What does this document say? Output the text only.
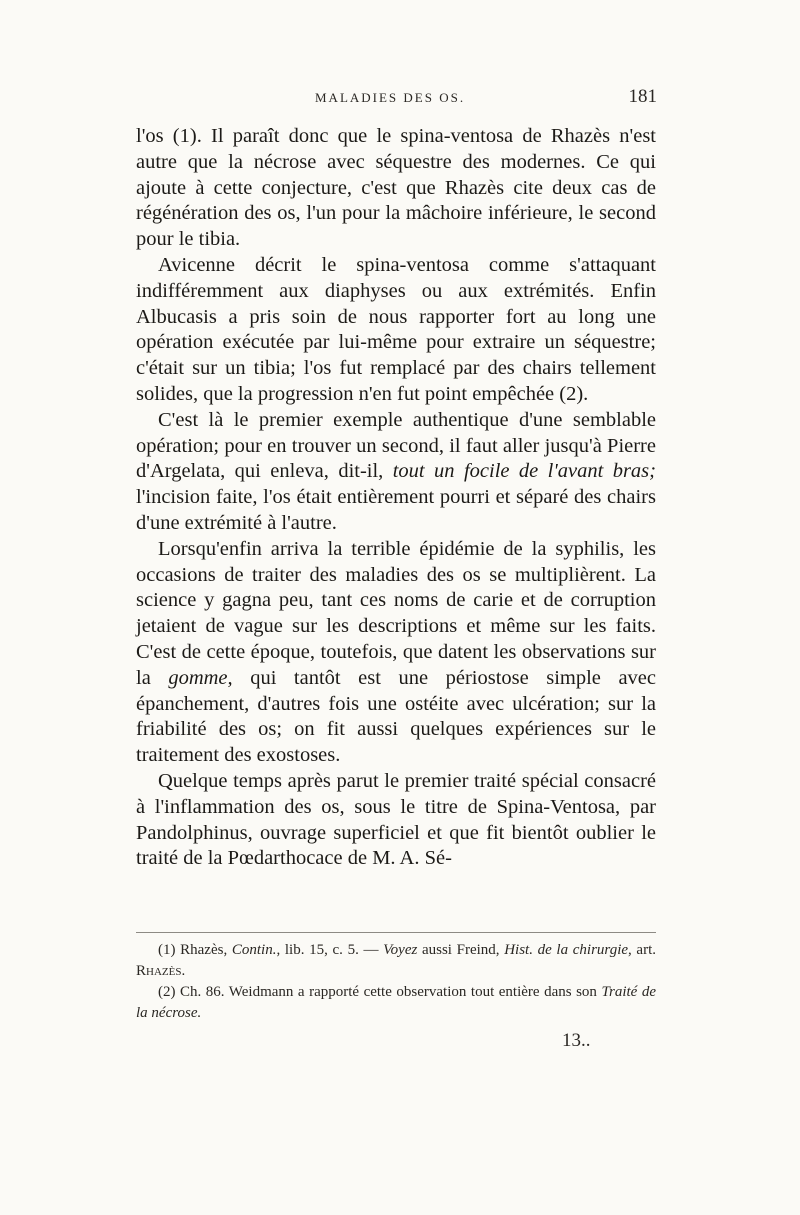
MALADIES DES OS.	181

l'os (1). Il paraît donc que le spina-ventosa de Rhazès n'est autre que la nécrose avec séquestre des modernes. Ce qui ajoute à cette conjecture, c'est que Rhazès cite deux cas de régénération des os, l'un pour la mâchoire inférieure, le second pour le tibia.

Avicenne décrit le spina-ventosa comme s'attaquant indifféremment aux diaphyses ou aux extrémités. Enfin Albucasis a pris soin de nous rapporter fort au long une opération exécutée par lui-même pour extraire un séquestre; c'était sur un tibia; l'os fut remplacé par des chairs tellement solides, que la progression n'en fut point empêchée (2).

C'est là le premier exemple authentique d'une semblable opération; pour en trouver un second, il faut aller jusqu'à Pierre d'Argelata, qui enleva, dit-il, tout un focile de l'avant bras; l'incision faite, l'os était entièrement pourri et séparé des chairs d'une extrémité à l'autre.

Lorsqu'enfin arriva la terrible épidémie de la syphilis, les occasions de traiter des maladies des os se multiplièrent. La science y gagna peu, tant ces noms de carie et de corruption jetaient de vague sur les descriptions et même sur les faits. C'est de cette époque, toutefois, que datent les observations sur la gomme, qui tantôt est une périostose simple avec épanchement, d'autres fois une ostéite avec ulcération; sur la friabilité des os; on fit aussi quelques expériences sur le traitement des exostoses.

Quelque temps après parut le premier traité spécial consacré à l'inflammation des os, sous le titre de Spina-Ventosa, par Pandolphinus, ouvrage superficiel et que fit bientôt oublier le traité de la Pœdarthocace de M. A. Sé-

(1) Rhazès, Contin., lib. 15, c. 5. — Voyez aussi Freind, Hist. de la chirurgie, art. Rhazès.

(2) Ch. 86. Weidmann a rapporté cette observation tout entière dans son Traité de la nécrose.

13..
